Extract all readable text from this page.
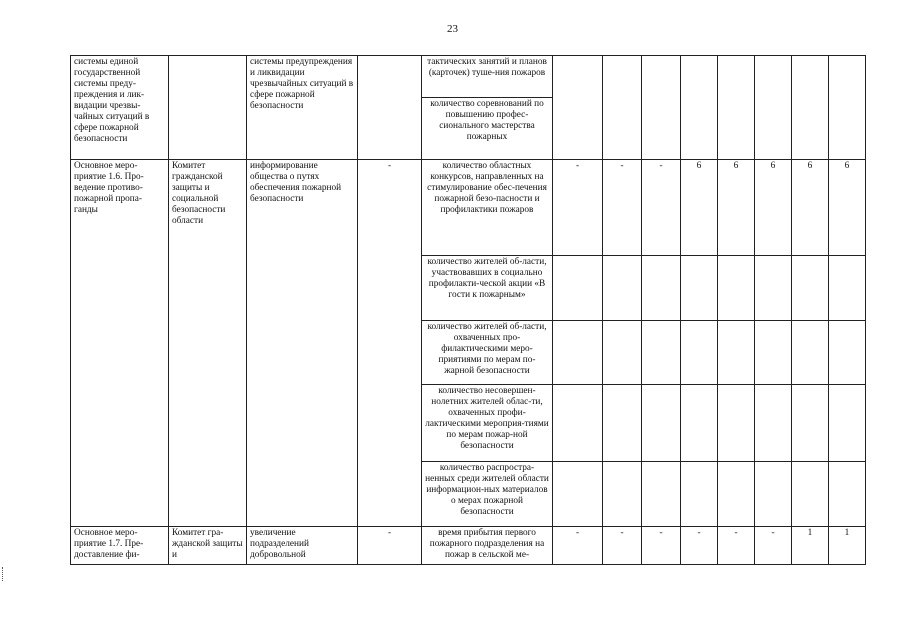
23
системы единой государственной системы преду-преждения и лик-видации чрезвы-чайных ситуаций в сфере пожарной безопасности		системы предупреждения и ликвидации чрезвычайных ситуаций в сфере пожарной безопасности		тактических занятий и планов (карточек) туше-ния пожаров								
				количество соревнований по повышению профес-сионального мастерства пожарных								
Основное меро-приятие 1.6. Про-ведение противо-пожарной пропа-ганды	Комитет гражданской защиты и социальной безопасности области	информирование общества о путях обеспечения пожарной безопасности	-	количество областных конкурсов, направленных на стимулирование обес-печения пожарной безо-пасности и профилактики пожаров	-	-	-	6	6	6	6	6
				количество жителей об-ласти, участвовавших в социально профилакти-ческой акции «В гости к пожарным»								
				количество жителей об-ласти, охваченных про-филактическими меро-приятиями по мерам по-жарной безопасности								
				количество несовершен-нолетних жителей облас-ти, охваченных профи-лактическими мероприя-тиями по мерам пожар-ной безопасности								
				количество распростра-ненных среди жителей области информацион-ных материалов о мерах пожарной безопасности								
Основное меро-приятие 1.7. Пре-доставление фи-	Комитет гра-жданской защиты и	увеличение подразделений добровольной	-	время прибытия первого пожарного подразделения на пожар в сельской ме-	-	-	-	-	-	-	1	1
